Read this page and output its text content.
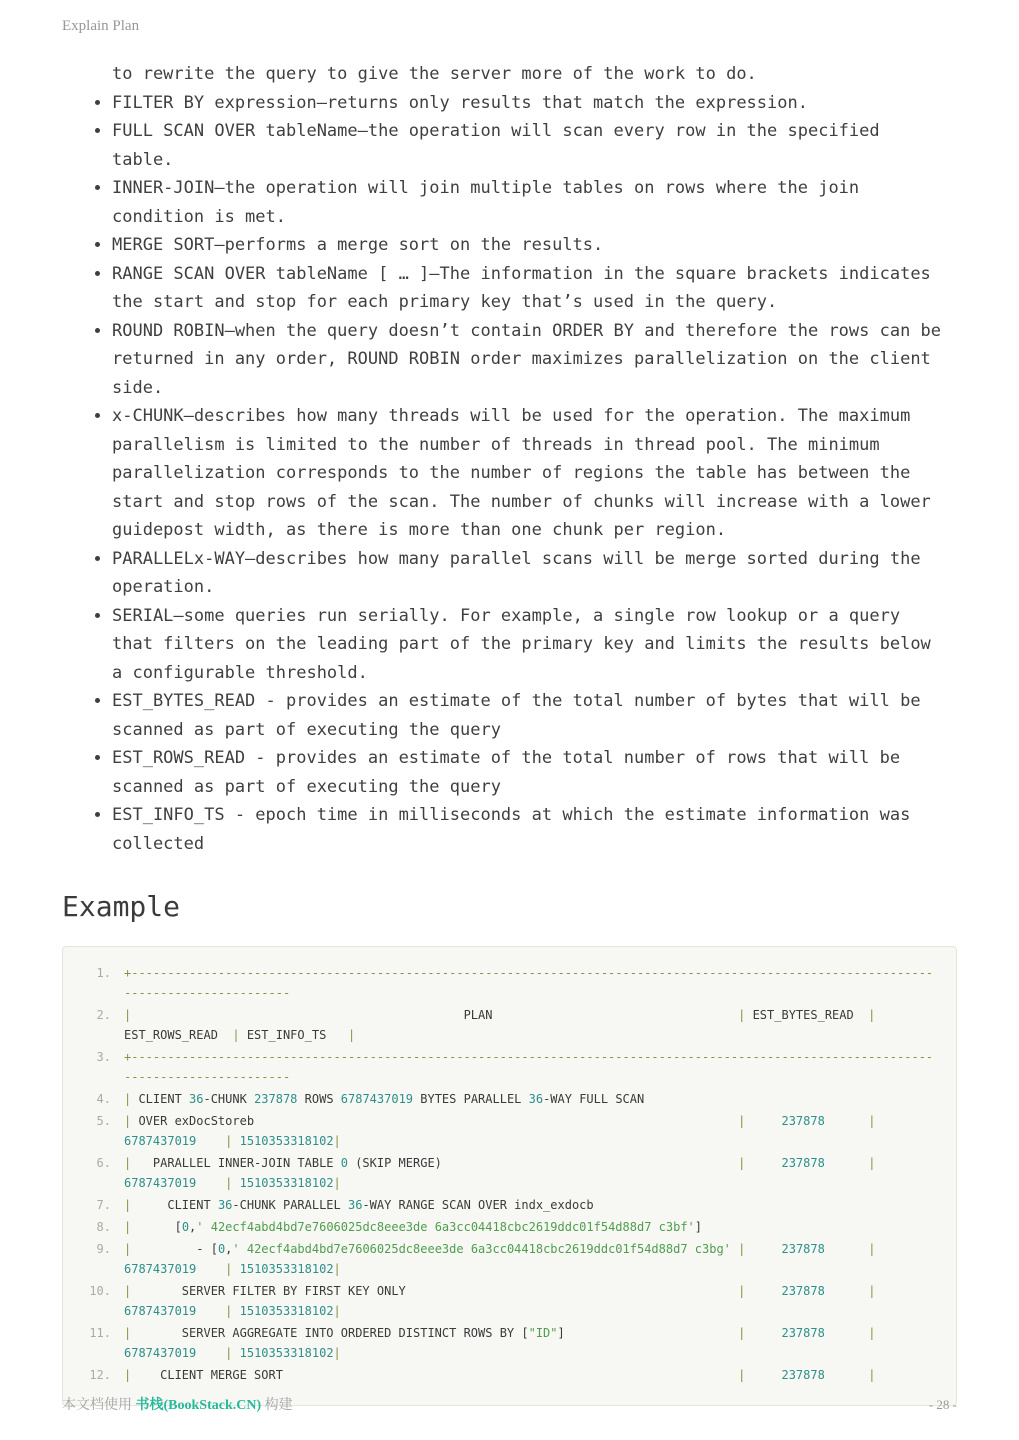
Explain Plan

to rewrite the query to give the server more of the work to do.

• FILTER BY expression—returns only results that match the expression.
• FULL SCAN OVER tableName—the operation will scan every row in the specified table.
• INNER-JOIN—the operation will join multiple tables on rows where the join condition is met.
• MERGE SORT—performs a merge sort on the results.
• RANGE SCAN OVER tableName [ … ]—The information in the square brackets indicates the start and stop for each primary key that’s used in the query.
• ROUND ROBIN—when the query doesn’t contain ORDER BY and therefore the rows can be returned in any order, ROUND ROBIN order maximizes parallelization on the client side.
• x-CHUNK—describes how many threads will be used for the operation. The maximum parallelism is limited to the number of threads in thread pool. The minimum parallelization corresponds to the number of regions the table has between the start and stop rows of the scan. The number of chunks will increase with a lower guidepost width, as there is more than one chunk per region.
• PARALLELx-WAY—describes how many parallel scans will be merge sorted during the operation.
• SERIAL—some queries run serially. For example, a single row lookup or a query that filters on the leading part of the primary key and limits the results below a configurable threshold.
• EST_BYTES_READ - provides an estimate of the total number of bytes that will be scanned as part of executing the query
• EST_ROWS_READ - provides an estimate of the total number of rows that will be scanned as part of executing the query
• EST_INFO_TS - epoch time in milliseconds at which the estimate information was collected
Example
1. +--------------------------------------------------------------------------------------------------------------------------------------
2. |                                              PLAN                                  | EST_BYTES_READ  | EST_ROWS_READ  | EST_INFO_TS   |
3. +--------------------------------------------------------------------------------------------------------------------------------------
4. | CLIENT 36-CHUNK 237878 ROWS 6787437019 BYTES PARALLEL 36-WAY FULL SCAN
5. | OVER exDocStoreb	|	237878	| 6787437019 | 1510353318102|
6. |   PARALLEL INNER-JOIN TABLE 0 (SKIP MERGE)	|	237878	| 6787437019 | 1510353318102|
7. |     CLIENT 36-CHUNK PARALLEL 36-WAY RANGE SCAN OVER indx_exdocb
8. |      [0,' 42ecf4abd4bd7e7606025dc8eee3de 6a3cc04418cbc2619ddc01f54d88d7 c3bf']
9. |         - [0,' 42ecf4abd4bd7e7606025dc8eee3de 6a3cc04418cbc2619ddc01f54d88d7 c3bg' |	237878	| 6787437019 | 1510353318102|
10. |       SERVER FILTER BY FIRST KEY ONLY	|	237878	| 6787437019 | 1510353318102|
11. |       SERVER AGGREGATE INTO ORDERED DISTINCT ROWS BY ["ID"]	|	237878	| 6787437019 | 1510353318102|
12. |    CLIENT MERGE SORT	|	237878	|
本文档使用 书栈(BookStack.CN) 构建	- 28 -
